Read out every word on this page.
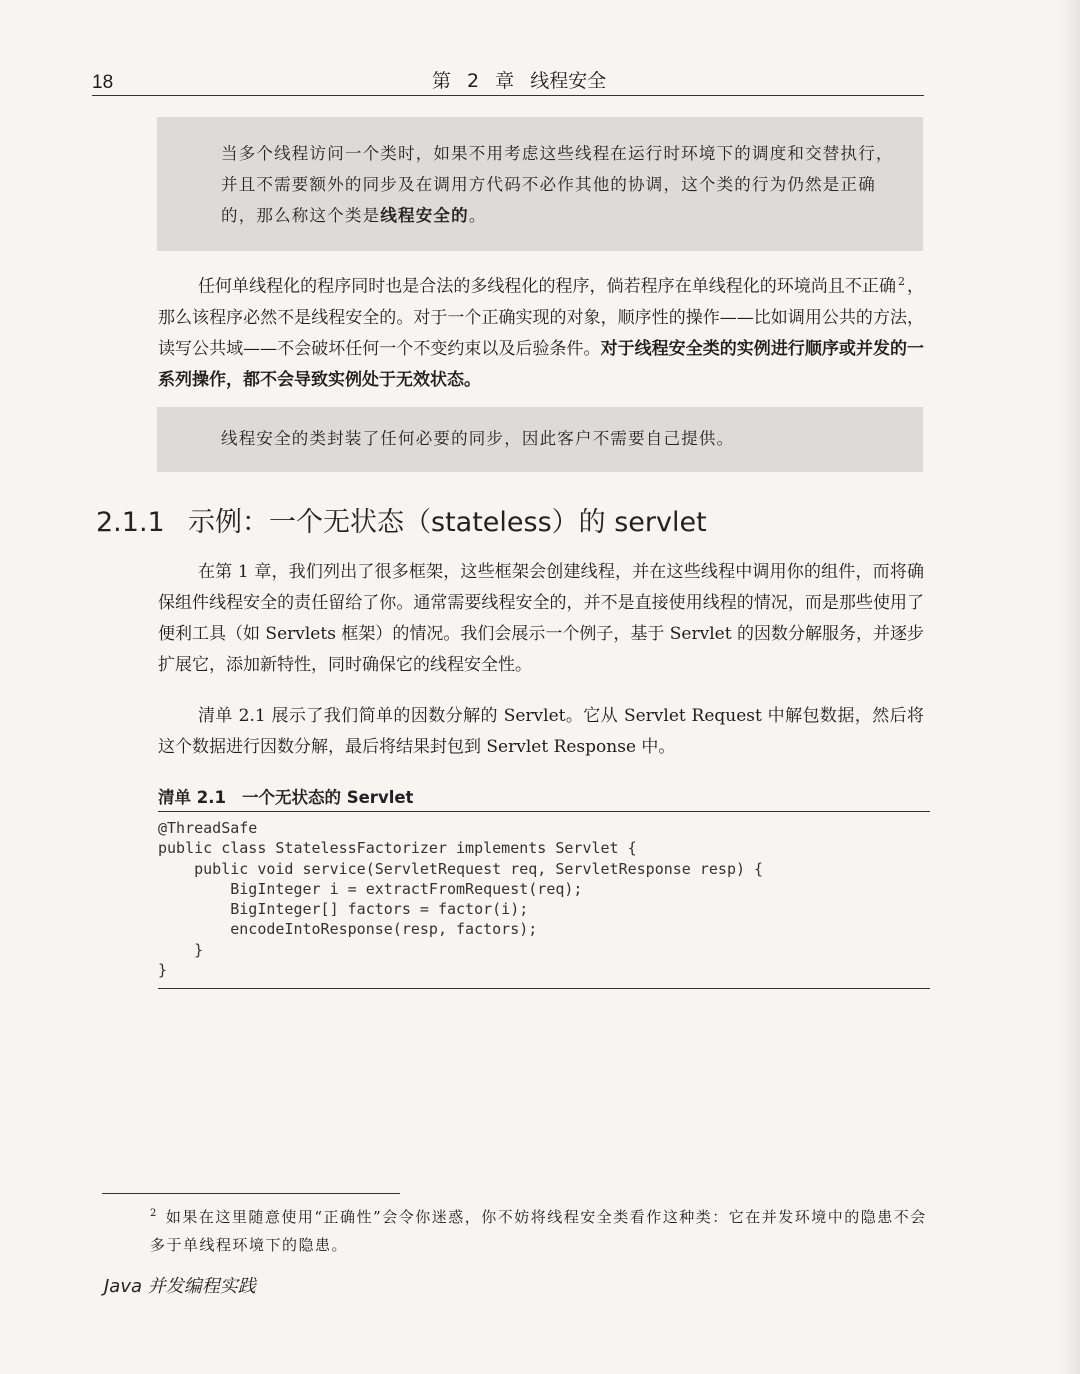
18	第 2 章 线程安全

当多个线程访问一个类时，如果不用考虑这些线程在运行时环境下的调度和交替执行，并且不需要额外的同步及在调用方代码不必作其他的协调，这个类的行为仍然是正确的，那么称这个类是线程安全的。

任何单线程化的程序同时也是合法的多线程化的程序，倘若程序在单线程化的环境尚且不正确 $^2$ ，那么该程序必然不是线程安全的。对于一个正确实现的对象，顺序性的操作——比如调用公共的方法，读写公共域——不会破坏任何一个不变约束以及后验条件。对于线程安全类的实例进行顺序或并发的一系列操作，都不会导致实例处于无效状态。

线程安全的类封装了任何必要的同步，因此客户不需要自己提供。

2.1.1 示例：一个无状态（stateless）的 servlet

在第 1 章，我们列出了很多框架，这些框架会创建线程，并在这些线程中调用你的组件，而将确保组件线程安全的责任留给了你。通常需要线程安全的，并不是直接使用线程的情况，而是那些使用了便利工具（如 Servlets 框架）的情况。我们会展示一个例子，基于 Servlet 的因数分解服务，并逐步扩展它，添加新特性，同时确保它的线程安全性。

清单 2.1 展示了我们简单的因数分解的 Servlet。它从 Servlet Request 中解包数据，然后将这个数据进行因数分解，最后将结果封包到 Servlet Response 中。

清单 2.1 一个无状态的 Servlet
@ThreadSafe
public class StatelessFactorizer implements Servlet {
public void service(ServletRequest req, ServletResponse resp) {
BigInteger i = extractFromRequest(req);
BigInteger[] factors = factor(i);
encodeIntoResponse(resp, factors);
}
}

$^2$ 如果在这里随意使用“正确性”会令你迷惑，你不妨将线程安全类看作这种类：它在并发环境中的隐患不会多于单线程环境下的隐患。

Java 并发编程实践
